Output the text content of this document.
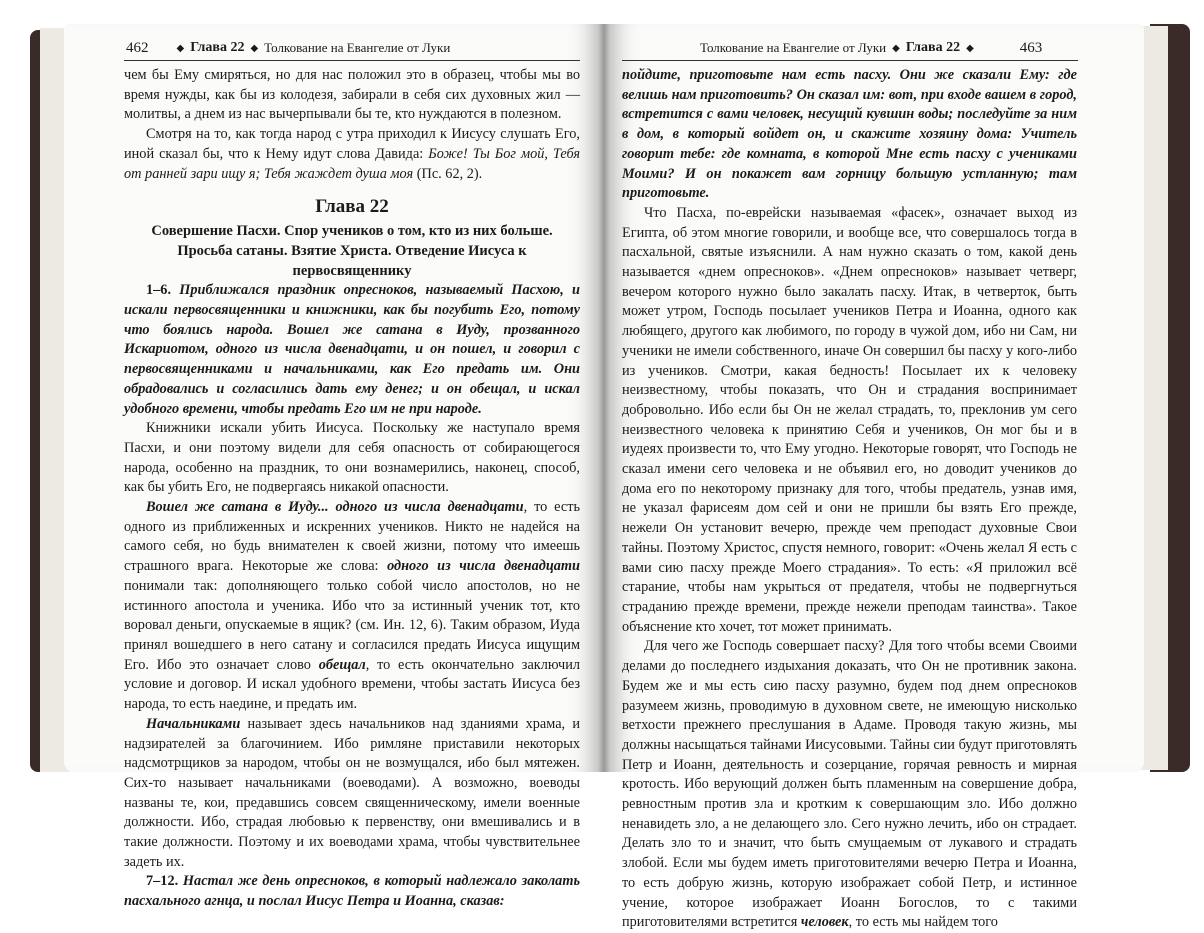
462	◆ Глава 22 ◆ Толкование на Евангелие от Луки	Толкование на Евангелие от Луки ◆ Глава 22 ◆	463

чем бы Ему смиряться, но для нас положил это в образец, чтобы мы во время нужды, как бы из колодезя, забирали в себя сих духовных жил — молитвы, а днем из нас вычерпывали бы те, кто нуждаются в полезном.

Смотря на то, как тогда народ с утра приходил к Иисусу слушать Его, иной сказал бы, что к Нему идут слова Давида: Боже! Ты Бог мой, Тебя от ранней зари ищу я; Тебя жаждет душа моя (Пс. 62, 2).

Глава 22
Совершение Пасхи. Спор учеников о том, кто из них больше. Просьба сатаны. Взятие Христа. Отведение Иисуса к первосвященнику

1–6. Приближался праздник опресноков, называемый Пасхою, и искали первосвященники и книжники, как бы погубить Его, потому что боялись народа. Вошел же сатана в Иуду, прозванного Искариотом, одного из числа двенадцати, и он пошел, и говорил с первосвященниками и начальниками, как Его предать им. Они обрадовались и согласились дать ему денег; и он обещал, и искал удобного времени, чтобы предать Его им не при народе.

Книжники искали убить Иисуса. Поскольку же наступало время Пасхи, и они поэтому видели для себя опасность от собирающегося народа, особенно на праздник, то они вознамерились, наконец, способ, как бы убить Его, не подвергаясь никакой опасности.

Вошел же сатана в Иуду... одного из числа двенадцати, то есть одного из приближенных и искренних учеников. Никто не надейся на самого себя, но будь внимателен к своей жизни, потому что имеешь страшного врага. Некоторые же слова: одного из числа двенадцати понимали так: дополняющего только собой число апостолов, но не истинного апостола и ученика. Ибо что за истинный ученик тот, кто воровал деньги, опускаемые в ящик? (см. Ин. 12, 6). Таким образом, Иуда принял вошедшего в него сатану и согласился предать Иисуса ищущим Его. Ибо это означает слово обещал, то есть окончательно заключил условие и договор. И искал удобного времени, чтобы застать Иисуса без народа, то есть наедине, и предать им.

Начальниками называет здесь начальников над зданиями храма, и надзирателей за благочинием. Ибо римляне приставили некоторых надсмотрщиков за народом, чтобы он не возмущался, ибо был мятежен. Сих-то называет начальниками (воеводами). А возможно, воеводы названы те, кои, предавшись совсем священническому, имели военные должности. Ибо, страдая любовью к первенству, они вмешивались и в такие должности. Поэтому и их воеводами храма, чтобы чувствительнее задеть их.

7–12. Настал же день опресноков, в который надлежало заколать пасхального агнца, и послал Иисус Петра и Иоанна, сказав:

пойдите, приготовьте нам есть пасху. Они же сказали Ему: где велишь нам приготовить? Он сказал им: вот, при входе вашем в город, встретится с вами человек, несущий кувшин воды; последуйте за ним в дом, в который войдет он, и скажите хозяину дома: Учитель говорит тебе: где комната, в которой Мне есть пасху с учениками Моими? И он покажет вам горницу большую устланную; там приготовьте.

Что Пасха, по-еврейски называемая «фасек», означает выход из Египта, об этом многие говорили, и вообще все, что совершалось тогда в пасхальной, святые изъяснили. А нам нужно сказать о том, какой день называется «днем опресноков». «Днем опресноков» называет четверг, вечером которого нужно было закалать пасху. Итак, в четверток, быть может утром, Господь посылает учеников Петра и Иоанна, одного как любящего, другого как любимого, по городу в чужой дом, ибо ни Сам, ни ученики не имели собственного, иначе Он совершил бы пасху у кого-либо из учеников. Смотри, какая бедность! Посылает их к человеку неизвестному, чтобы показать, что Он и страдания воспринимает добровольно. Ибо если бы Он не желал страдать, то, преклонив ум сего неизвестного человека к принятию Себя и учеников, Он мог бы и в иудеях произвести то, что Ему угодно. Некоторые говорят, что Господь не сказал имени сего человека и не объявил его, но доводит учеников до дома его по некоторому признаку для того, чтобы предатель, узнав имя, не указал фарисеям дом сей и они не пришли бы взять Его прежде, нежели Он установит вечерю, прежде чем преподаст духовные Свои тайны. Поэтому Христос, спустя немного, говорит: «Очень желал Я есть с вами сию пасху прежде Моего страдания». То есть: «Я приложил всё старание, чтобы нам укрыться от предателя, чтобы не подвергнуться страданию прежде времени, прежде нежели преподам таинства». Такое объяснение кто хочет, тот может принимать.

Для чего же Господь совершает пасху? Для того чтобы всеми Своими делами до последнего издыхания доказать, что Он не противник закона. Будем же и мы есть сию пасху разумно, будем под днем опресноков разумеем жизнь, проводимую в духовном свете, не имеющую нисколько ветхости прежнего преслушания в Адаме. Проводя такую жизнь, мы должны насыщаться тайнами Иисусовыми. Тайны сии будут приготовлять Петр и Иоанн, деятельность и созерцание, горячая ревность и мирная кротость. Ибо верующий должен быть пламенным на совершение добра, ревностным против зла и кротким к совершающим зло. Ибо должно ненавидеть зло, а не делающего зло. Сего нужно лечить, ибо он страдает. Делать зло то и значит, что быть смущаемым от лукавого и страдать злобой. Если мы будем иметь приготовителями вечерю Петра и Иоанна, то есть добрую жизнь, которую изображает собой Петр, и истинное учение, которое изображает Иоанн Богослов, то с такими приготовителями встретится человек, то есть мы найдем того
